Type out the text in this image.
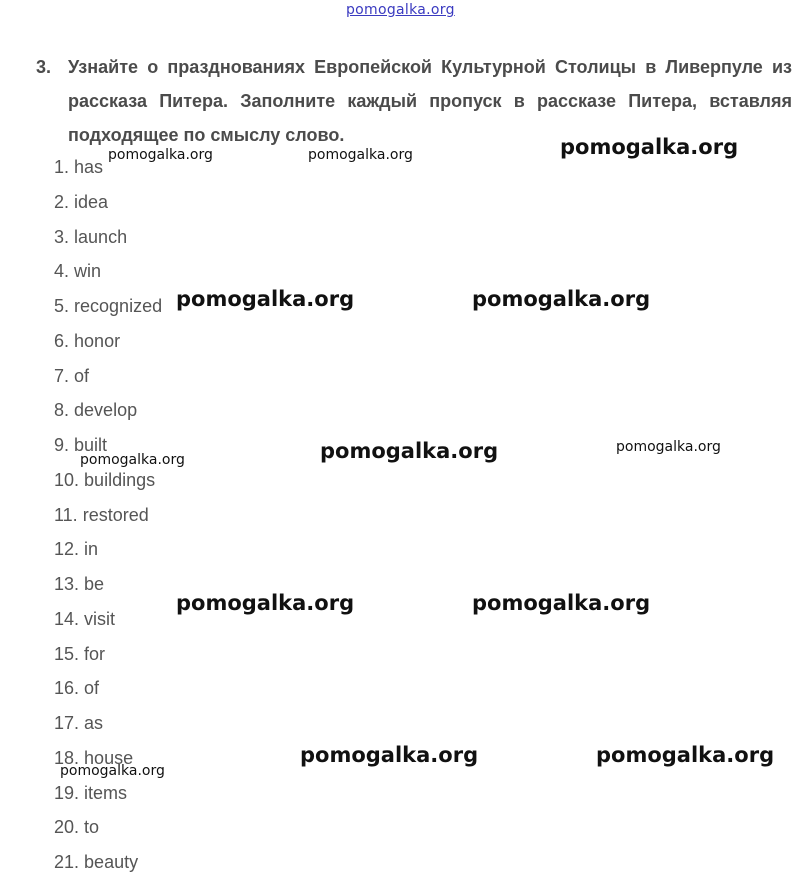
pomogalka.org
3. Узнайте о празднованиях Европейской Культурной Столицы в Ливерпуле из рассказа Питера. Заполните каждый пропуск в рассказе Питера, вставляя подходящее по смыслу слово.
1. has
2. idea
3. launch
4. win
5. recognized
6. honor
7. of
8. develop
9. built
10. buildings
11. restored
12. in
13. be
14. visit
15. for
16. of
17. as
18. house
19. items
20. to
21. beauty
pomogalka.org	pomogalka.org	pomogalka.org
pomogalka.org	pomogalka.org
pomogalka.org	pomogalka.org	pomogalka.org
pomogalka.org	pomogalka.org
pomogalka.org	pomogalka.org
pomogalka.org
